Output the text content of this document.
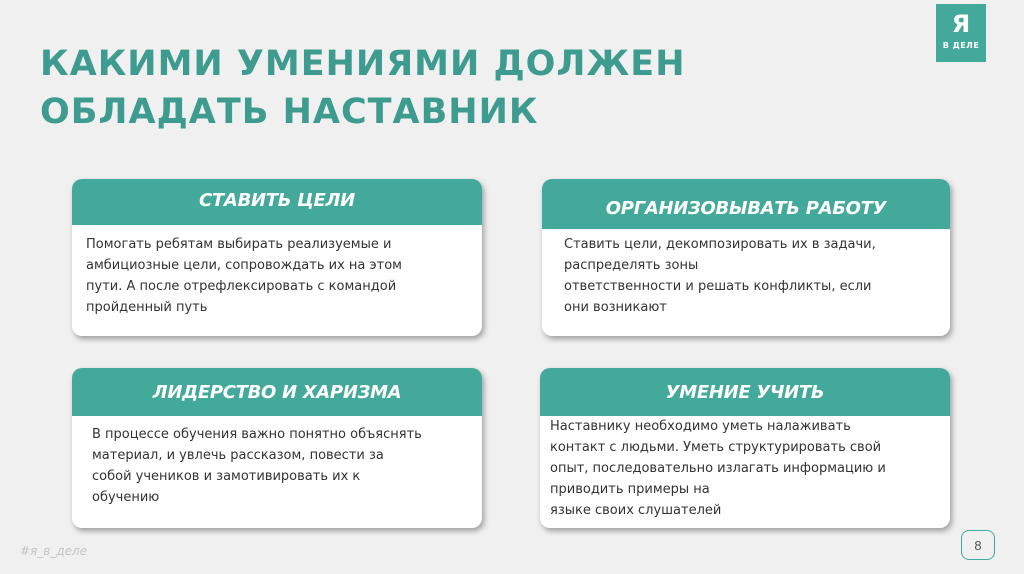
КАКИМИ УМЕНИЯМИ ДОЛЖЕН
ОБЛАДАТЬ НАСТАВНИК
Я
В ДЕЛЕ
СТАВИТЬ ЦЕЛИ
Помогать ребятам выбирать реализуемые и
амбициозные цели, сопровождать их на этом
пути. А после отрефлексировать с командой
пройденный путь
ОРГАНИЗОВЫВАТЬ РАБОТУ
Ставить цели, декомпозировать их в задачи,
распределять зоны
ответственности и решать конфликты, если
они возникают
ЛИДЕРСТВО И ХАРИЗМА
В процессе обучения важно понятно объяснять
материал, и увлечь рассказом, повести за
собой учеников и замотивировать их к
обучению
УМЕНИЕ УЧИТЬ
Наставнику необходимо уметь налаживать
контакт с людьми. Уметь структурировать свой
опыт, последовательно излагать информацию и
приводить примеры на
языке своих слушателей
#я_в_деле	8
